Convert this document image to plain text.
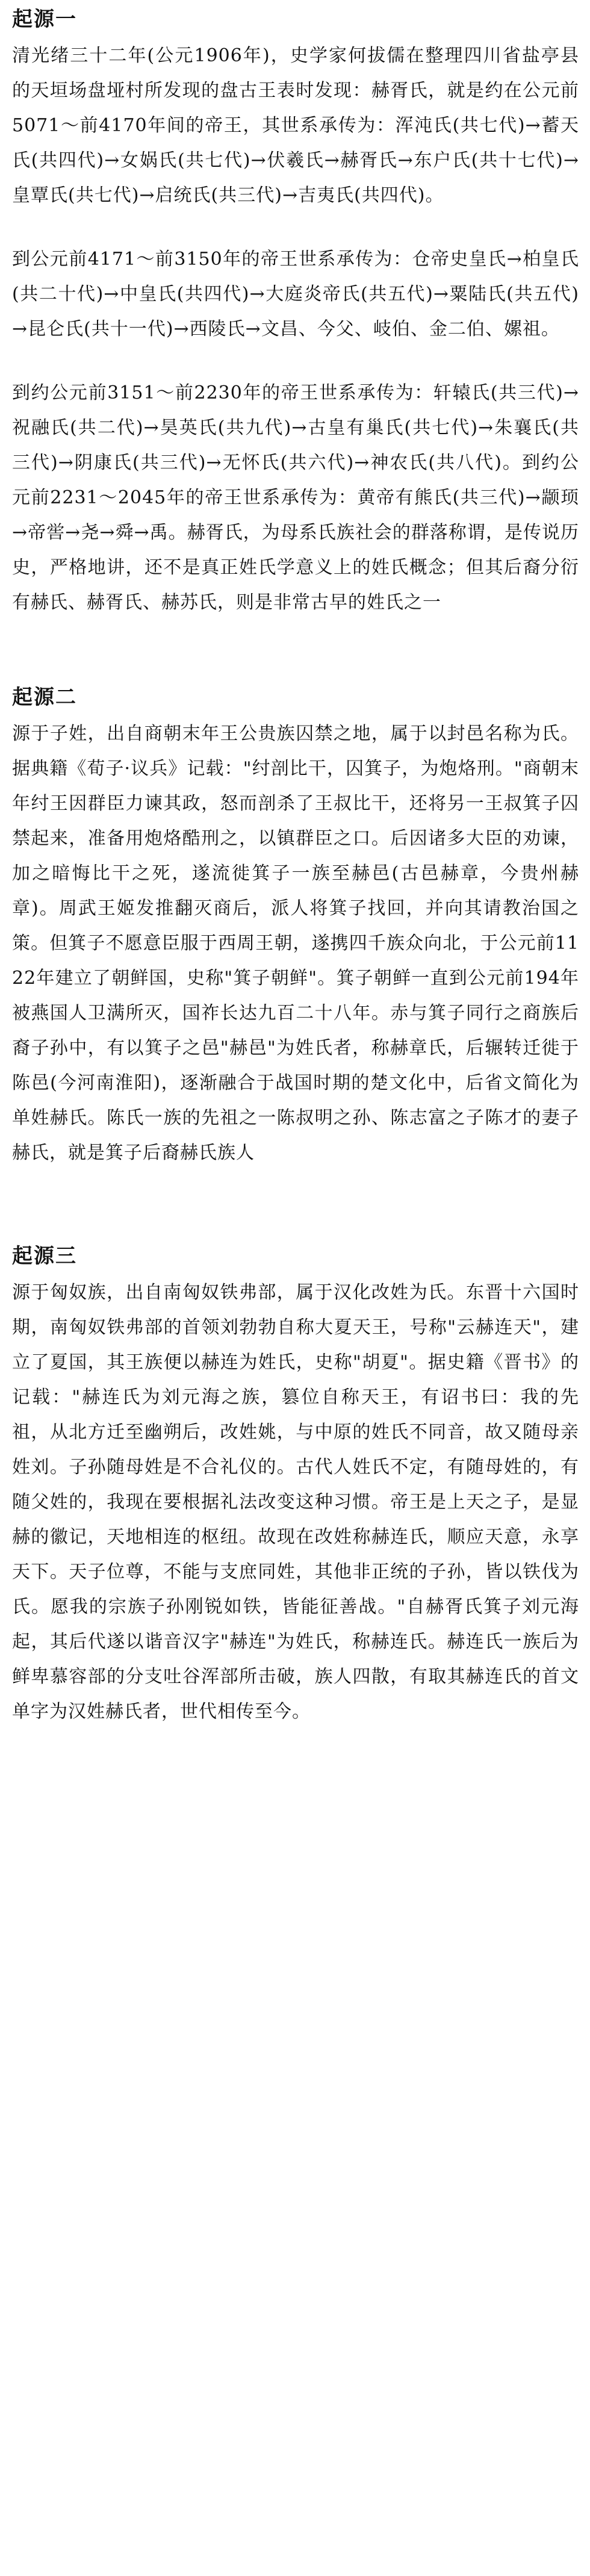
起源一

清光绪三十二年(公元1906年)，史学家何拔儒在整理四川省盐亭县的天垣场盘垭村所发现的盘古王表时发现：赫胥氏，就是约在公元前5071～前4170年间的帝王，其世系承传为：浑沌氏(共七代)→蓄天氏(共四代)→女娲氏(共七代)→伏羲氏→赫胥氏→东户氏(共十七代)→皇覃氏(共七代)→启统氏(共三代)→吉夷氏(共四代)。

到公元前4171～前3150年的帝王世系承传为：仓帝史皇氏→柏皇氏(共二十代)→中皇氏(共四代)→大庭炎帝氏(共五代)→粟陆氏(共五代)→昆仑氏(共十一代)→西陵氏→文昌、今父、岐伯、金二伯、嫘祖。

到约公元前3151～前2230年的帝王世系承传为：轩辕氏(共三代)→祝融氏(共二代)→昊英氏(共九代)→古皇有巢氏(共七代)→朱襄氏(共三代)→阴康氏(共三代)→无怀氏(共六代)→神农氏(共八代)。到约公元前2231～2045年的帝王世系承传为：黄帝有熊氏(共三代)→颛顼→帝喾→尧→舜→禹。赫胥氏，为母系氏族社会的群落称谓，是传说历史，严格地讲，还不是真正姓氏学意义上的姓氏概念；但其后裔分衍有赫氏、赫胥氏、赫苏氏，则是非常古早的姓氏之一

起源二

源于子姓，出自商朝末年王公贵族囚禁之地，属于以封邑名称为氏。据典籍《荀子·议兵》记载："纣剖比干，囚箕子，为炮烙刑。"商朝末年纣王因群臣力谏其政，怒而剖杀了王叔比干，还将另一王叔箕子囚禁起来，准备用炮烙酷刑之，以镇群臣之口。后因诸多大臣的劝谏，加之暗悔比干之死，遂流徙箕子一族至赫邑(古邑赫章，今贵州赫章)。周武王姬发推翻灭商后，派人将箕子找回，并向其请教治国之策。但箕子不愿意臣服于西周王朝，遂携四千族众向北，于公元前1122年建立了朝鲜国，史称"箕子朝鲜"。箕子朝鲜一直到公元前194年被燕国人卫满所灭，国祚长达九百二十八年。赤与箕子同行之商族后裔子孙中，有以箕子之邑"赫邑"为姓氏者，称赫章氏，后辗转迁徙于陈邑(今河南淮阳)，逐渐融合于战国时期的楚文化中，后省文简化为单姓赫氏。陈氏一族的先祖之一陈叔明之孙、陈志富之子陈才的妻子赫氏，就是箕子后裔赫氏族人

起源三

源于匈奴族，出自南匈奴铁弗部，属于汉化改姓为氏。东晋十六国时期，南匈奴铁弗部的首领刘勃勃自称大夏天王，号称"云赫连天"，建立了夏国，其王族便以赫连为姓氏，史称"胡夏"。据史籍《晋书》的记载："赫连氏为刘元海之族，篡位自称天王，有诏书曰：我的先祖，从北方迁至幽朔后，改姓姚，与中原的姓氏不同音，故又随母亲姓刘。子孙随母姓是不合礼仪的。古代人姓氏不定，有随母姓的，有随父姓的，我现在要根据礼法改变这种习惯。帝王是上天之子，是显赫的徽记，天地相连的枢纽。故现在改姓称赫连氏，顺应天意，永享天下。天子位尊，不能与支庶同姓，其他非正统的子孙，皆以铁伐为氏。愿我的宗族子孙刚锐如铁，皆能征善战。"自赫胥氏箕子刘元海起，其后代遂以谐音汉字"赫连"为姓氏，称赫连氏。赫连氏一族后为鲜卑慕容部的分支吐谷浑部所击破，族人四散，有取其赫连氏的首文单字为汉姓赫氏者，世代相传至今。
